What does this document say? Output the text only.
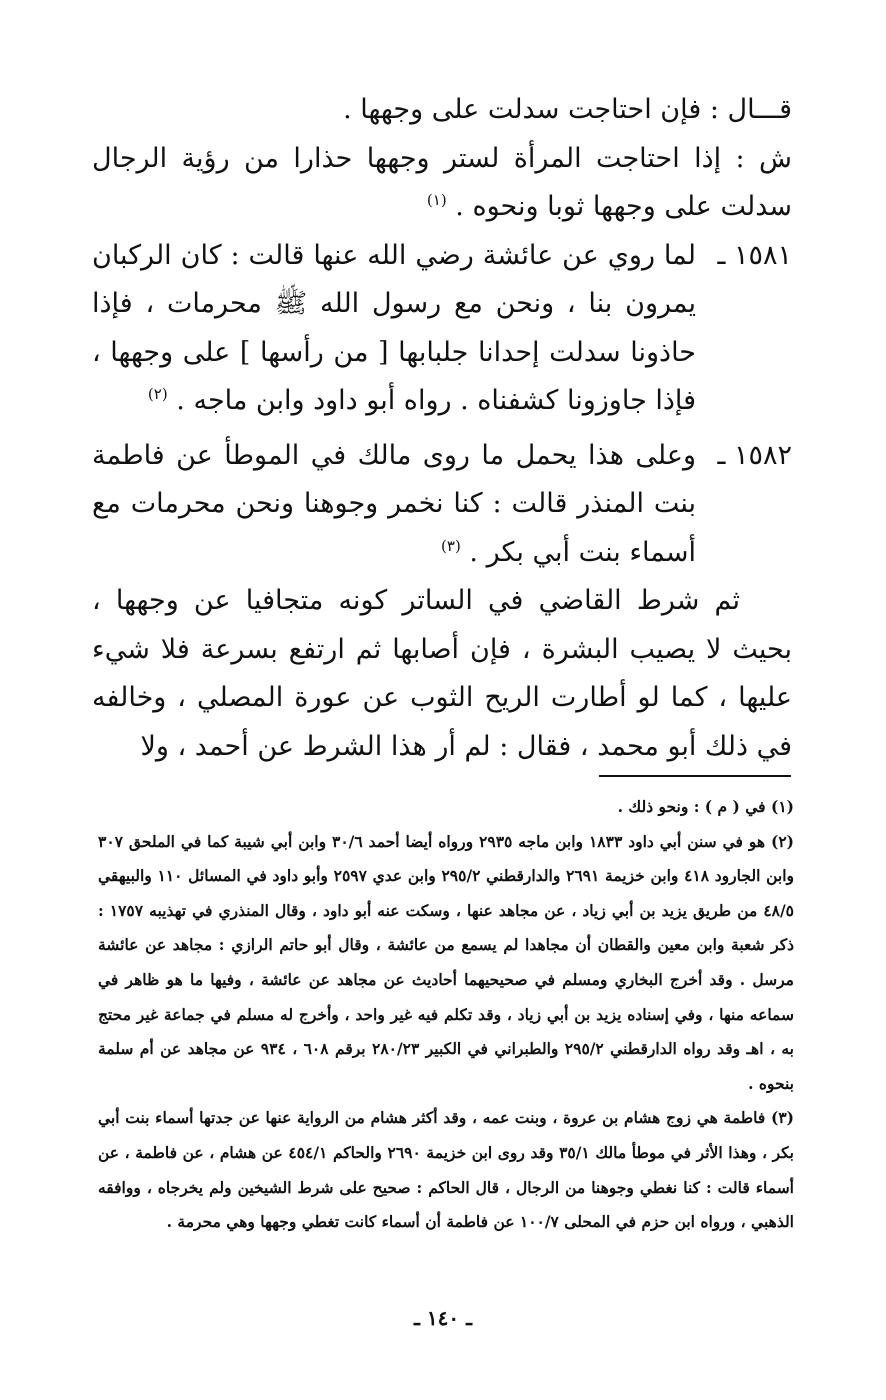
قـــال : فإن احتاجت سدلت على وجهها .

ش : إذا احتاجت المرأة لستر وجهها حذارا من رؤية الرجال سدلت على وجهها ثوبا ونحوه . $^{(١)}$

١٥٨١ ـ
لما روي عن عائشة رضي الله عنها قالت : كان الركبان يمرون بنا ، ونحن مع رسول الله ﷺ محرمات ، فإذا حاذونا سدلت إحدانا جلبابها [ من رأسها ] على وجهها ، فإذا جاوزونا كشفناه . رواه أبو داود وابن ماجه . $^{(٢)}$
١٥٨٢ ـ
وعلى هذا يحمل ما روى مالك في الموطأ عن فاطمة بنت المنذر قالت : كنا نخمر وجوهنا ونحن محرمات مع أسماء بنت أبي بكر . $^{(٣)}$

ثم شرط القاضي في الساتر كونه متجافيا عن وجهها ، بحيث لا يصيب البشرة ، فإن أصابها ثم ارتفع بسرعة فلا شيء عليها ، كما لو أطارت الريح الثوب عن عورة المصلي ، وخالفه في ذلك أبو محمد ، فقال : لم أر هذا الشرط عن أحمد ، ولا

(١) في ( م ) : ونحو ذلك .

(٢) هو في سنن أبي داود ١٨٣٣ وابن ماجه ٢٩٣٥ ورواه أيضا أحمد ٣٠/٦ وابن أبي شيبة كما في الملحق ٣٠٧ وابن الجارود ٤١٨ وابن خزيمة ٢٦٩١ والدارقطني ٢٩٥/٢ وابن عدي ٢٥٩٧ وأبو داود في المسائل ١١٠ والبيهقي ٤٨/٥ من طريق يزيد بن أبي زياد ، عن مجاهد عنها ، وسكت عنه أبو داود ، وقال المنذري في تهذيبه ١٧٥٧ : ذكر شعبة وابن معين والقطان أن مجاهدا لم يسمع من عائشة ، وقال أبو حاتم الرازي : مجاهد عن عائشة مرسل . وقد أخرج البخاري ومسلم في صحيحيهما أحاديث عن مجاهد عن عائشة ، وفيها ما هو ظاهر في سماعه منها ، وفي إسناده يزيد بن أبي زياد ، وقد تكلم فيه غير واحد ، وأخرج له مسلم في جماعة غير محتج به ، اهـ وقد رواه الدارقطني ٢٩٥/٢ والطبراني في الكبير ٢٨٠/٢٣ برقم ٦٠٨ ، ٩٣٤ عن مجاهد عن أم سلمة بنحوه .

(٣) فاطمة هي زوج هشام بن عروة ، وبنت عمه ، وقد أكثر هشام من الرواية عنها عن جدتها أسماء بنت أبي بكر ، وهذا الأثر في موطأ مالك ٣٥/١ وقد روى ابن خزيمة ٢٦٩٠ والحاكم ٤٥٤/١ عن هشام ، عن فاطمة ، عن أسماء قالت : كنا نغطي وجوهنا من الرجال ، قال الحاكم : صحيح على شرط الشيخين ولم يخرجاه ، ووافقه الذهبي ، ورواه ابن حزم في المحلى ١٠٠/٧ عن فاطمة أن أسماء كانت تغطي وجهها وهي محرمة .

ـ ١٤٠ ـ
